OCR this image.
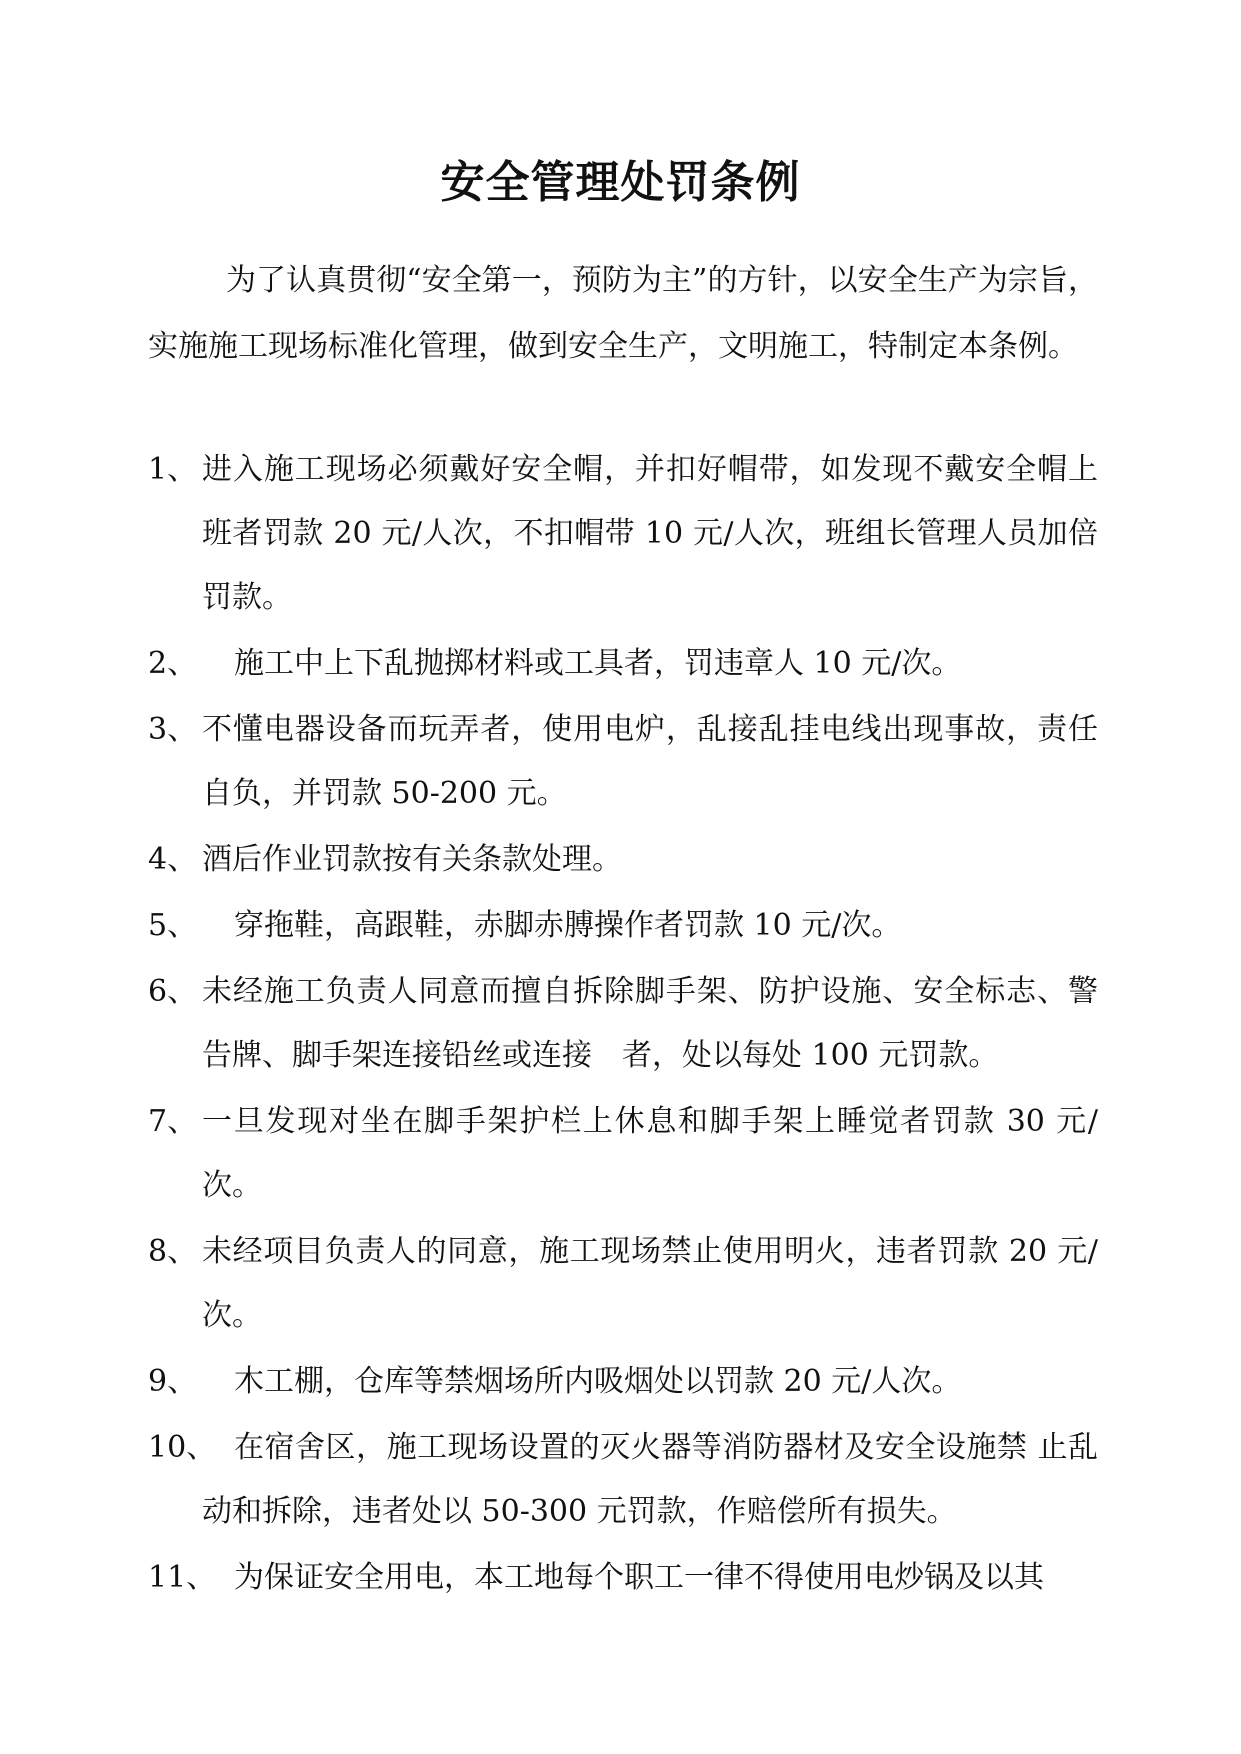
安全管理处罚条例

为了认真贯彻“安全第一，预防为主”的方针，以安全生产为宗旨，实施施工现场标准化管理，做到安全生产，文明施工，特制定本条例。

1、 进入施工现场必须戴好安全帽，并扣好帽带，如发现不戴安全帽上班者罚款 20 元/人次，不扣帽带 10 元/人次，班组长管理人员加倍罚款。
2、 施工中上下乱抛掷材料或工具者，罚违章人 10 元/次。
3、 不懂电器设备而玩弄者，使用电炉，乱接乱挂电线出现事故，责任自负，并罚款 50-200 元。
4、 酒后作业罚款按有关条款处理。
5、 穿拖鞋，高跟鞋，赤脚赤膊操作者罚款 10 元/次。
6、 未经施工负责人同意而擅自拆除脚手架、防护设施、安全标志、警告牌、脚手架连接铅丝或连接　者，处以每处 100 元罚款。
7、 一旦发现对坐在脚手架护栏上休息和脚手架上睡觉者罚款 30 元/次。
8、 未经项目负责人的同意，施工现场禁止使用明火，违者罚款 20 元/次。
9、 木工棚，仓库等禁烟场所内吸烟处以罚款 20 元/人次。
10、 在宿舍区，施工现场设置的灭火器等消防器材及安全设施禁 止乱动和拆除，违者处以 50-300 元罚款，作赔偿所有损失。
11、 为保证安全用电，本工地每个职工一律不得使用电炒锅及以其
